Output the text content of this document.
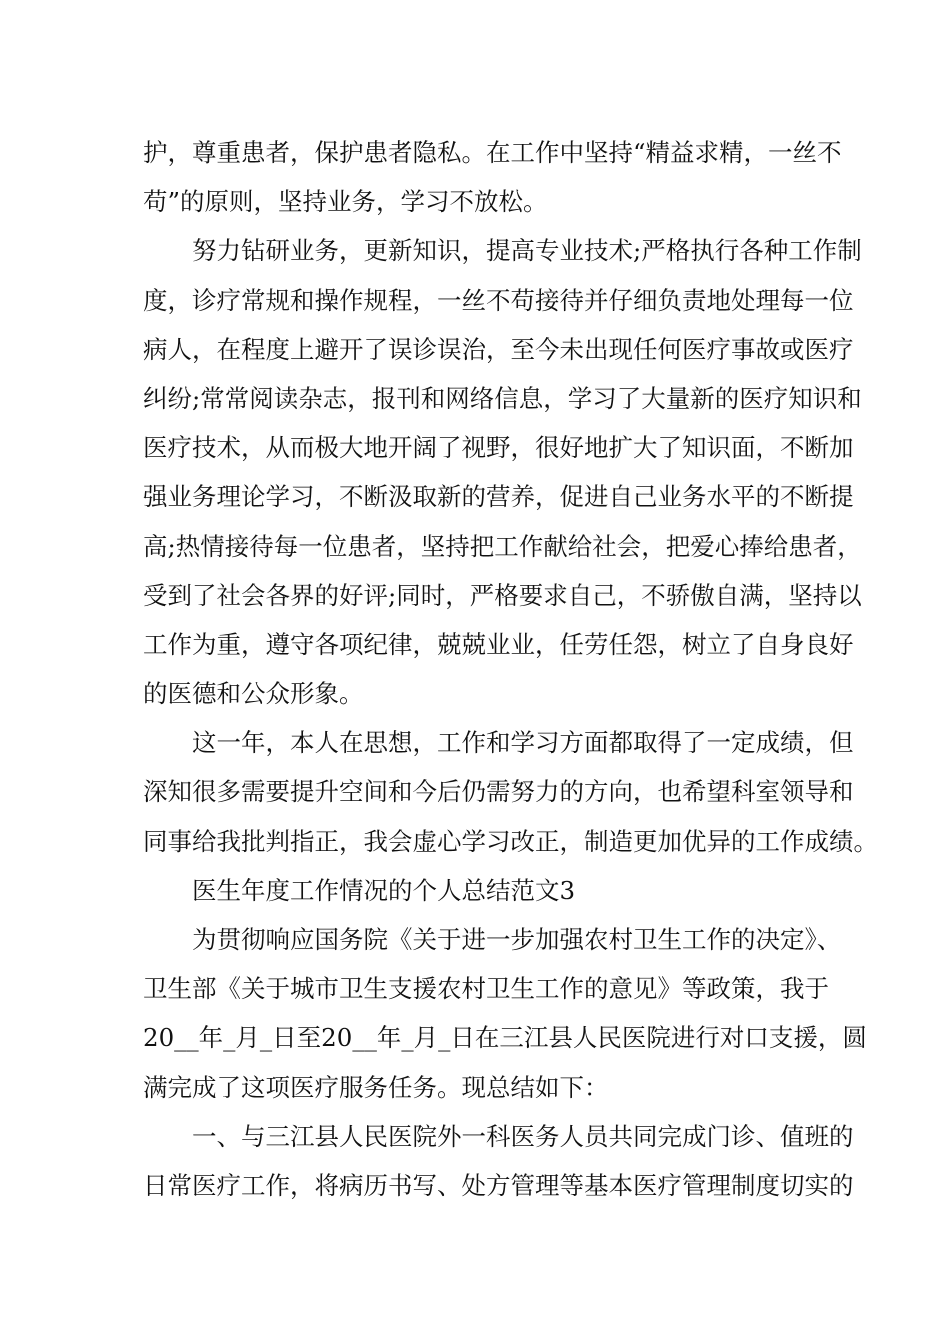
护，尊重患者，保护患者隐私。在工作中坚持“精益求精，一丝不
苟”的原则，坚持业务，学习不放松。

努力钻研业务，更新知识，提高专业技术;严格执行各种工作制
度，诊疗常规和操作规程，一丝不苟接待并仔细负责地处理每一位
病人，在程度上避开了误诊误治，至今未出现任何医疗事故或医疗
纠纷;常常阅读杂志，报刊和网络信息，学习了大量新的医疗知识和
医疗技术，从而极大地开阔了视野，很好地扩大了知识面，不断加
强业务理论学习，不断汲取新的营养，促进自己业务水平的不断提
高;热情接待每一位患者，坚持把工作献给社会，把爱心捧给患者，
受到了社会各界的好评;同时，严格要求自己，不骄傲自满，坚持以
工作为重，遵守各项纪律，兢兢业业，任劳任怨，树立了自身良好
的医德和公众形象。

这一年，本人在思想，工作和学习方面都取得了一定成绩，但
深知很多需要提升空间和今后仍需努力的方向，也希望科室领导和
同事给我批判指正，我会虚心学习改正，制造更加优异的工作成绩。

医生年度工作情况的个人总结范文3

为贯彻响应国务院《关于进一步加强农村卫生工作的决定》、
卫生部《关于城市卫生支援农村卫生工作的意见》等政策，我于
20__年_月_日至20__年_月_日在三江县人民医院进行对口支援，圆
满完成了这项医疗服务任务。现总结如下：

一、与三江县人民医院外一科医务人员共同完成门诊、值班的
日常医疗工作，将病历书写、处方管理等基本医疗管理制度切实的
